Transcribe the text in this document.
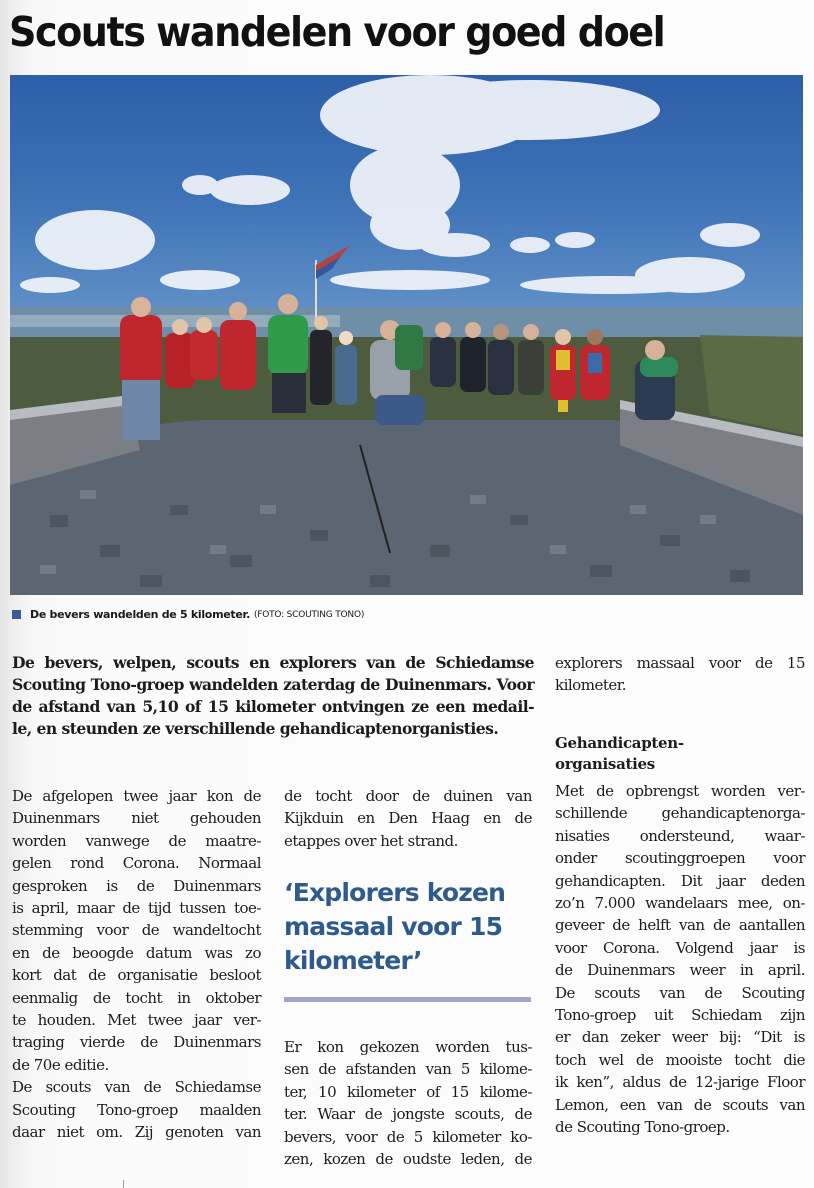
Scouts wandelen voor goed doel
De bevers wandelden de 5 kilometer. (FOTO: SCOUTING TONO)
De bevers, welpen, scouts en explorers van de Schiedamse
Scouting Tono-groep wandelden zaterdag de Duinenmars. Voor
de afstand van 5,10 of 15 kilometer ontvingen ze een medail-
le, en steunden ze verschillende gehandicaptenorganisties.
De afgelopen twee jaar kon de
Duinenmars niet gehouden
worden vanwege de maatre-
gelen rond Corona. Normaal
gesproken is de Duinenmars
is april, maar de tijd tussen toe-
stemming voor de wandeltocht
en de beoogde datum was zo
kort dat de organisatie besloot
eenmalig de tocht in oktober
te houden. Met twee jaar ver-
traging vierde de Duinenmars
de 70e editie.
De scouts van de Schiedamse
Scouting Tono-groep maalden
daar niet om. Zij genoten van
de tocht door de duinen van
Kijkduin en Den Haag en de
etappes over het strand.
‘Explorers kozen
massaal voor 15
kilometer’
Er kon gekozen worden tus-
sen de afstanden van 5 kilome-
ter, 10 kilometer of 15 kilome-
ter. Waar de jongste scouts, de
bevers, voor de 5 kilometer ko-
zen, kozen de oudste leden, de
explorers massaal voor de 15
kilometer.
Gehandicapten-
organisaties
Met de opbrengst worden ver-
schillende gehandicaptenorga-
nisaties ondersteund, waar-
onder scoutinggroepen voor
gehandicapten. Dit jaar deden
zo’n 7.000 wandelaars mee, on-
geveer de helft van de aantallen
voor Corona. Volgend jaar is
de Duinenmars weer in april.
De scouts van de Scouting
Tono-groep uit Schiedam zijn
er dan zeker weer bij: “Dit is
toch wel de mooiste tocht die
ik ken”, aldus de 12-jarige Floor
Lemon, een van de scouts van
de Scouting Tono-groep.
